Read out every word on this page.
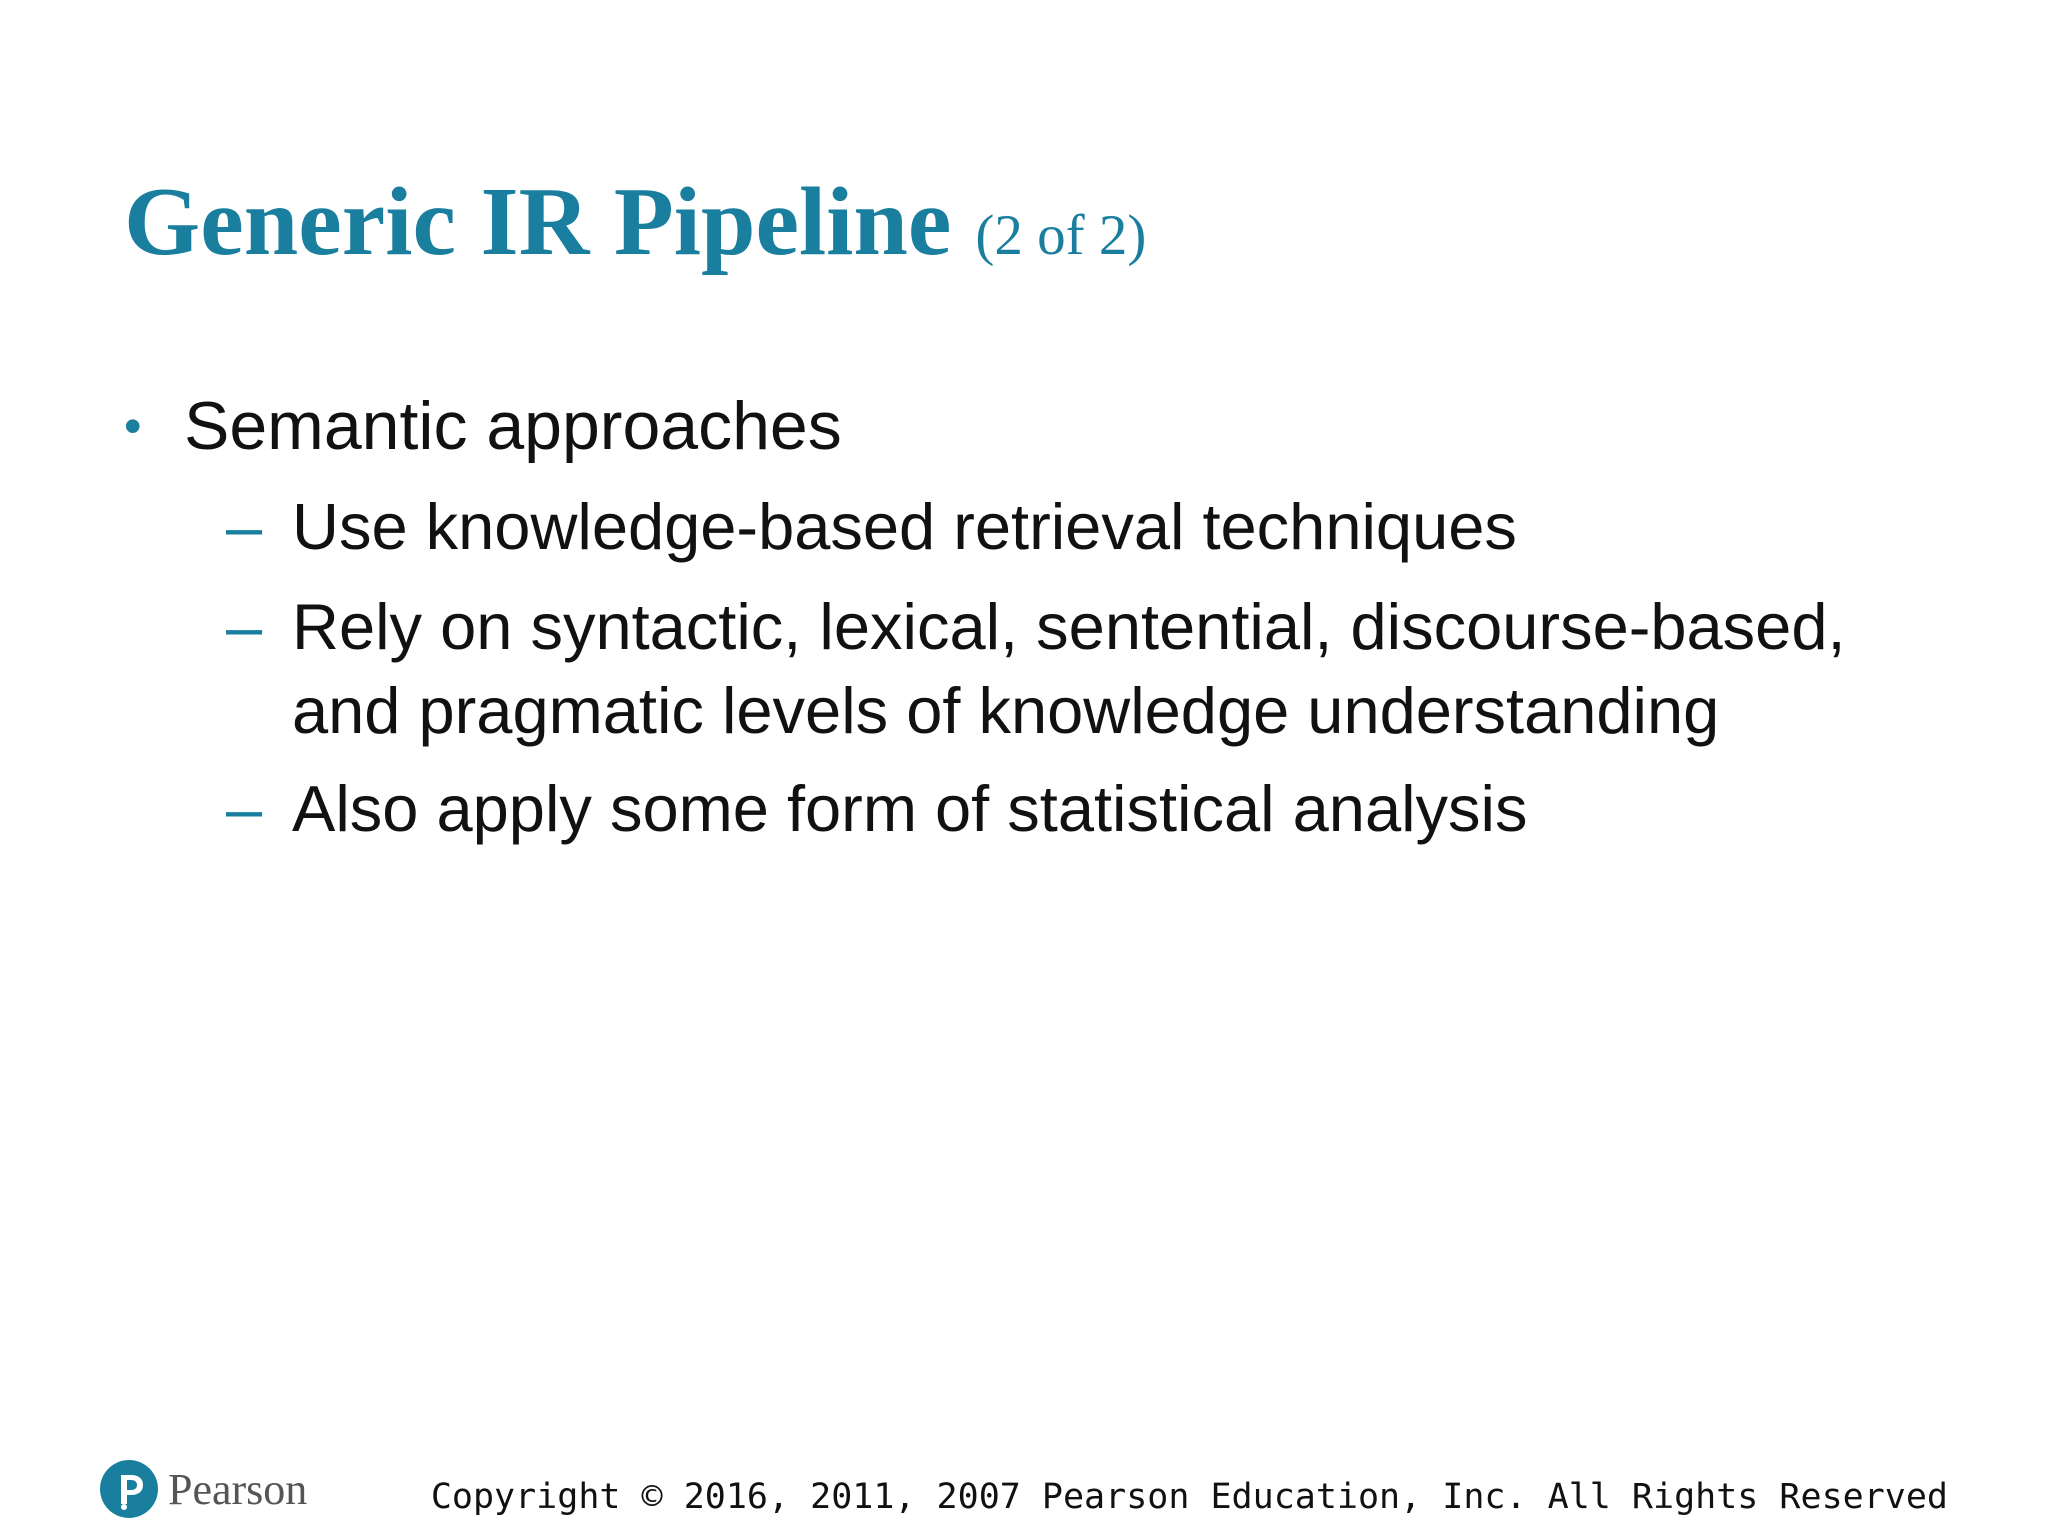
Generic IR Pipeline (2 of 2)
• Semantic approaches
– Use knowledge-based retrieval techniques
– Rely on syntactic, lexical, sentential, discourse-based,
and pragmatic levels of knowledge understanding
– Also apply some form of statistical analysis
Pearson	Copyright © 2016, 2011, 2007 Pearson Education, Inc. All Rights Reserved
